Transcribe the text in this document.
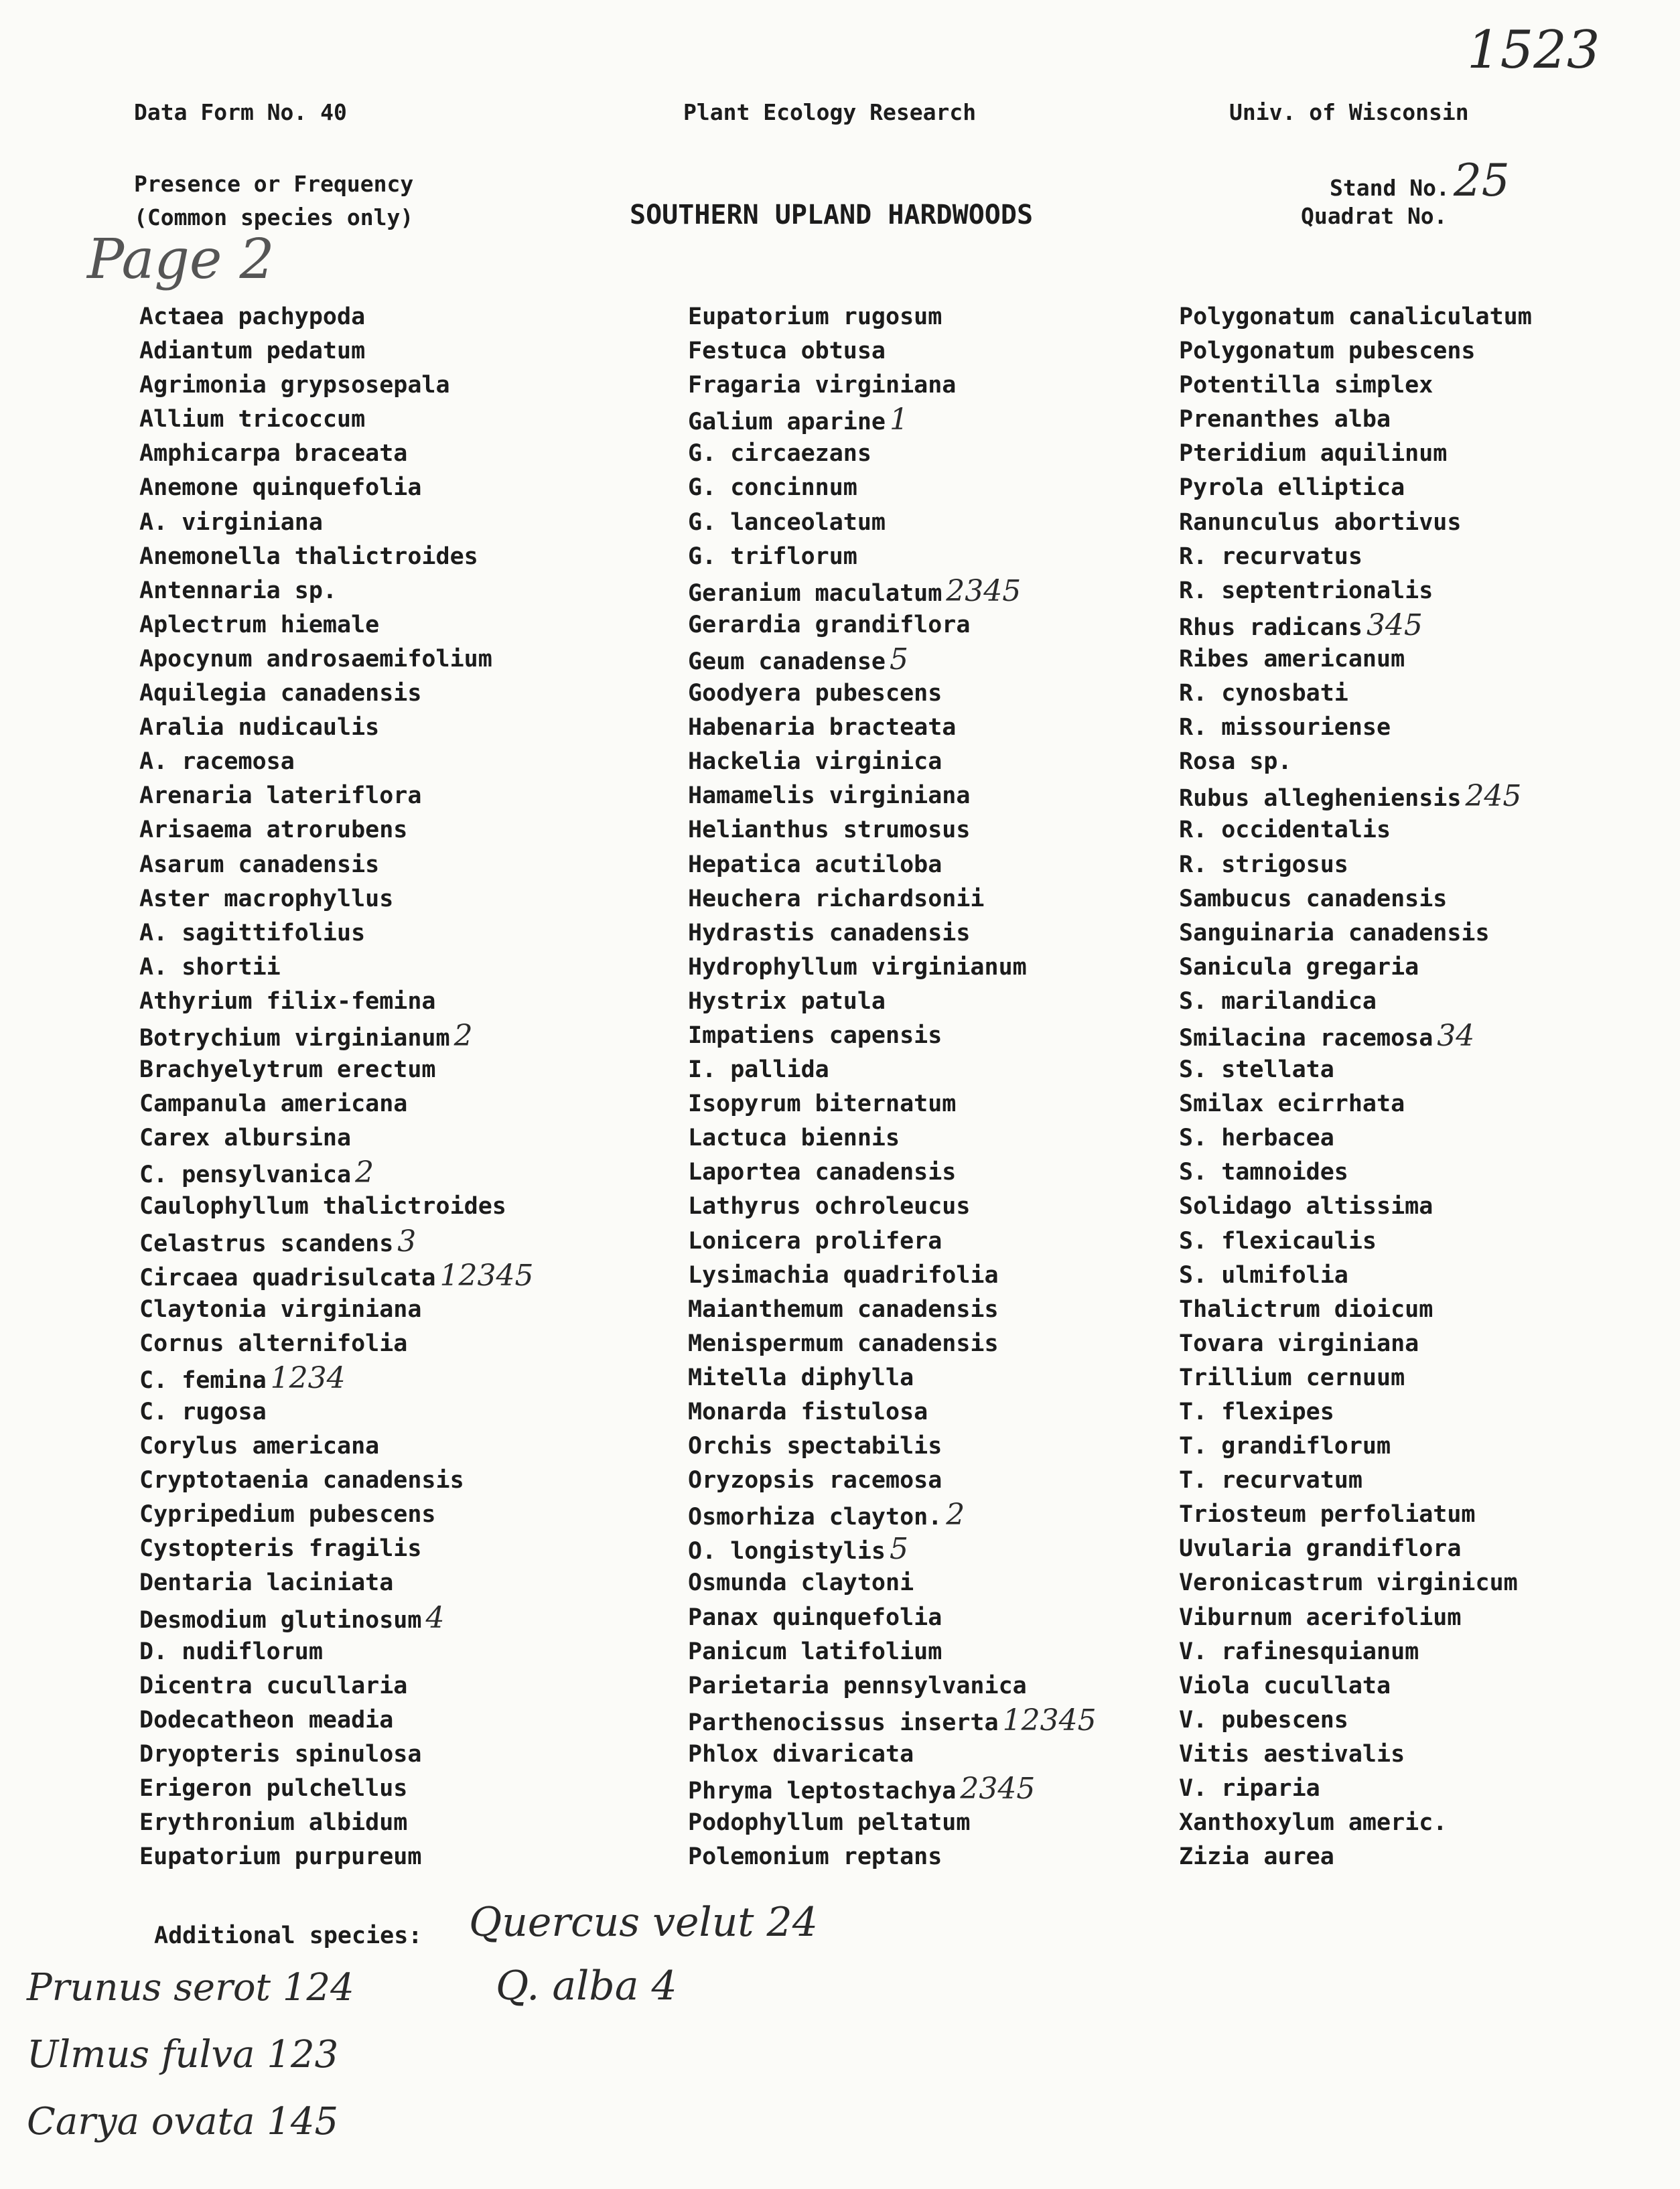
1523
Data Form No. 40	Plant Ecology Research	Univ. of Wisconsin
Presence or Frequency
(Common species only)	SOUTHERN UPLAND HARDWOODS
Stand No.25
Quadrat No.
Page 2
Actaea pachypoda
Adiantum pedatum
Agrimonia grypsosepala
Allium tricoccum
Amphicarpa braceata
Anemone quinquefolia
A. virginiana
Anemonella thalictroides
Antennaria sp.
Aplectrum hiemale
Apocynum androsaemifolium
Aquilegia canadensis
Aralia nudicaulis
A. racemosa
Arenaria lateriflora
Arisaema atrorubens
Asarum canadensis
Aster macrophyllus
A. sagittifolius
A. shortii
Athyrium filix-femina
Botrychium virginianum 2
Brachyelytrum erectum
Campanula americana
Carex albursina
C. pensylvanica 2
Caulophyllum thalictroides
Celastrus scandens 3
Circaea quadrisulcata 12345
Claytonia virginiana
Cornus alternifolia
C. femina 1234
C. rugosa
Corylus americana
Cryptotaenia canadensis
Cypripedium pubescens
Cystopteris fragilis
Dentaria laciniata
Desmodium glutinosum 4
D. nudiflorum
Dicentra cucullaria
Dodecatheon meadia
Dryopteris spinulosa
Erigeron pulchellus
Erythronium albidum
Eupatorium purpureum
Eupatorium rugosum
Festuca obtusa
Fragaria virginiana
Galium aparine 1
G. circaezans
G. concinnum
G. lanceolatum
G. triflorum
Geranium maculatum 2345
Gerardia grandiflora
Geum canadense 5
Goodyera pubescens
Habenaria bracteata
Hackelia virginica
Hamamelis virginiana
Helianthus strumosus
Hepatica acutiloba
Heuchera richardsonii
Hydrastis canadensis
Hydrophyllum virginianum
Hystrix patula
Impatiens capensis
I. pallida
Isopyrum biternatum
Lactuca biennis
Laportea canadensis
Lathyrus ochroleucus
Lonicera prolifera
Lysimachia quadrifolia
Maianthemum canadensis
Menispermum canadensis
Mitella diphylla
Monarda fistulosa
Orchis spectabilis
Oryzopsis racemosa
Osmorhiza clayton. 2
O. longistylis 5
Osmunda claytoni
Panax quinquefolia
Panicum latifolium
Parietaria pennsylvanica
Parthenocissus inserta 12345
Phlox divaricata
Phryma leptostachya 2345
Podophyllum peltatum
Polemonium reptans
Polygonatum canaliculatum
Polygonatum pubescens
Potentilla simplex
Prenanthes alba
Pteridium aquilinum
Pyrola elliptica
Ranunculus abortivus
R. recurvatus
R. septentrionalis
Rhus radicans 345
Ribes americanum
R. cynosbati
R. missouriense
Rosa sp.
Rubus allegheniensis 245
R. occidentalis
R. strigosus
Sambucus canadensis
Sanguinaria canadensis
Sanicula gregaria
S. marilandica
Smilacina racemosa 34
S. stellata
Smilax ecirrhata
S. herbacea
S. tamnoides
Solidago altissima
S. flexicaulis
S. ulmifolia
Thalictrum dioicum
Tovara virginiana
Trillium cernuum
T. flexipes
T. grandiflorum
T. recurvatum
Triosteum perfoliatum
Uvularia grandiflora
Veronicastrum virginicum
Viburnum acerifolium
V. rafinesquianum
Viola cucullata
V. pubescens
Vitis aestivalis
V. riparia
Xanthoxylum americ.
Zizia aurea
Additional species: Quercus velut 24
Q. alba 4
Prunus serot 124
Ulmus fulva 123
Carya ovata 145
